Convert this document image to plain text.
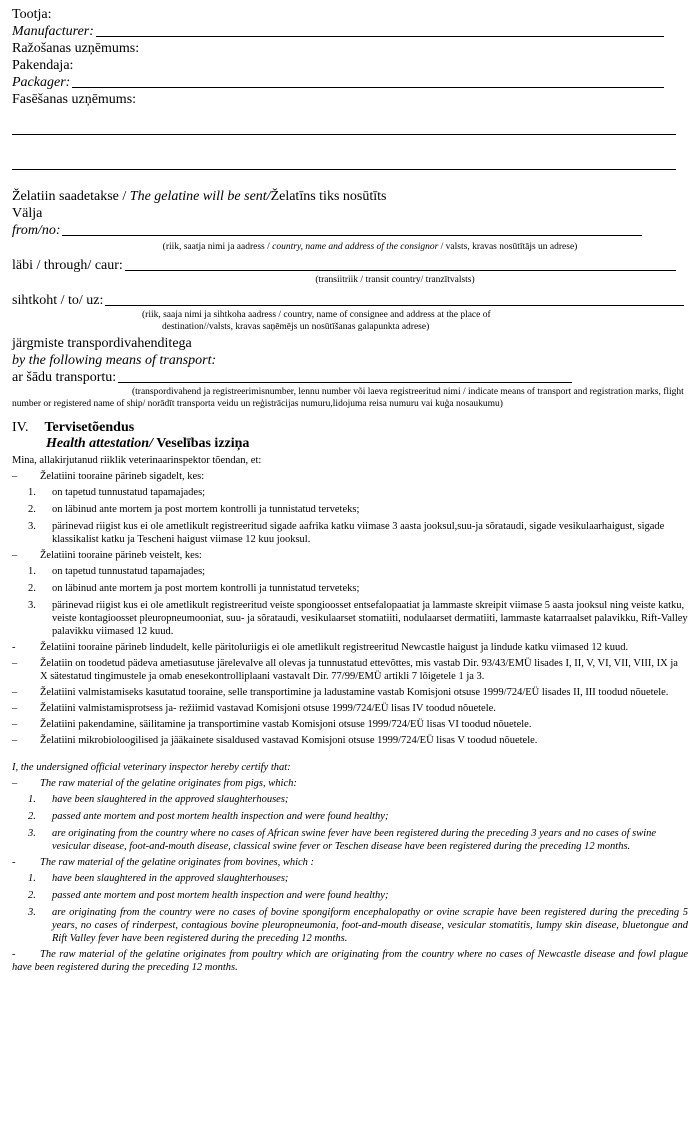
Tootja:
Manufacturer:
Ražošanas uzņēmums:
Pakendaja:
Packager:
Fasēšanas uzņēmums:
Želatiin saadetakse / The gelatine will be sent/Želatīns tiks nosūtīts
Välja
from/no:
(riik, saatja nimi ja aadress / country, name and address of the consignor / valsts, kravas nosūtītājs un adrese)
läbi / through/ caur:
(transiitriik / transit country/ tranzītvalsts)
sihtkoht / to/ uz:
(riik, saaja nimi ja sihtkoha aadress / country, name of consignee and address at the place of
destination//valsts, kravas saņēmējs un nosūtīšanas galapunkta adrese)
järgmiste transpordivahenditega
by the following means of transport:
ar šādu transportu:
(transpordivahend ja registreerimisnumber, lennu number või laeva registreeritud nimi / indicate means of transport and registration marks, flight number or registered name of ship/ norādīt transporta veidu un reģistrācijas numuru,lidojuma reisa numuru vai kuģa nosaukumu)
IV. Tervisetõendus
Health attestation/ Veselības izziņa
Mina, allakirjutanud riiklik veterinaarinspektor tõendan, et:
–	Želatiini tooraine pärineb sigadelt, kes:
1.	on tapetud tunnustatud tapamajades;
2.	on läbinud ante mortem ja post mortem kontrolli ja tunnistatud terveteks;
3.	pärinevad riigist kus ei ole ametlikult registreeritud sigade aafrika katku viimase 3 aasta jooksul,suu-ja sõrataudi, sigade vesikulaarhaigust, sigade klassikalist katku ja Tescheni haigust viimase 12 kuu jooksul.
–	Želatiini tooraine pärineb veistelt, kes:
1.	on tapetud tunnustatud tapamajades;
2.	on läbinud ante mortem ja post mortem kontrolli ja tunnistatud terveteks;
3.	pärinevad riigist kus ei ole ametlikult registreeritud veiste spongioosset entsefalopaatiat ja lammaste skreipit viimase 5 aasta jooksul ning veiste katku, veiste kontagioosset pleuropneumooniat, suu- ja sõrataudi, vesikulaarset stomatiiti, nodulaarset dermatiiti, lammaste katarraalset palavikku, Rift-Valley palavikku viimased 12 kuud.
- Želatiini tooraine pärineb lindudelt, kelle päritoluriigis ei ole ametlikult registreeritud Newcastle haigust ja lindude katku viimased 12 kuud.
–	Želatiin on toodetud pädeva ametiasutuse järelevalve all olevas ja tunnustatud ettevõttes, mis vastab Dir. 93/43/EMÜ lisades I, II, V, VI, VII, VIII, IX ja X sätestatud tingimustele ja omab enesekontrolliplaani vastavalt Dir. 77/99/EMÜ artikli 7 lõigetele 1 ja 3.
–	Želatiini valmistamiseks kasutatud tooraine, selle transportimine ja ladustamine vastab Komisjoni otsuse 1999/724/EÜ lisades II, III toodud nõuetele.
–	Želatiini valmistamisprotsess ja- režiimid vastavad Komisjoni otsuse 1999/724/EÜ lisas IV toodud nõuetele.
–	Želatiini pakendamine, säilitamine ja transportimine vastab Komisjoni otsuse 1999/724/EÜ lisas VI toodud nõuetele.
–	Želatiini mikrobioloogilised ja jääkainete sisaldused vastavad Komisjoni otsuse 1999/724/EÜ lisas V toodud nõuetele.
I, the undersigned official veterinary inspector hereby certify that:
–	The raw material of the gelatine originates from pigs, which:
1.	have been slaughtered in the approved slaughterhouses;
2.	passed ante mortem and post mortem health inspection and were found healthy;
3.	are originating from the country where no cases of African swine fever have been registered during the preceding 3 years and no cases of swine vesicular disease, foot-and-mouth disease, classical swine fever or Teschen disease have been registered during the preceding 12 months.
-	The raw material of the gelatine originates from bovines, which :
1.	have been slaughtered in the approved slaughterhouses;
2.	passed ante mortem and post mortem health inspection and were found healthy;
3.	are originating from the country were no cases of bovine spongiform encephalopathy or ovine scrapie have been registered during the preceding 5 years, no cases of rinderpest, contagious bovine pleuropneumonia, foot-and-mouth disease, vesicular stomatitis, lumpy skin disease, bluetongue and Rift Valley fever have been registered during the preceding 12 months.
- The raw material of the gelatine originates from poultry which are originating from the country where no cases of Newcastle disease and fowl plague have been registered during the preceding 12 months.
